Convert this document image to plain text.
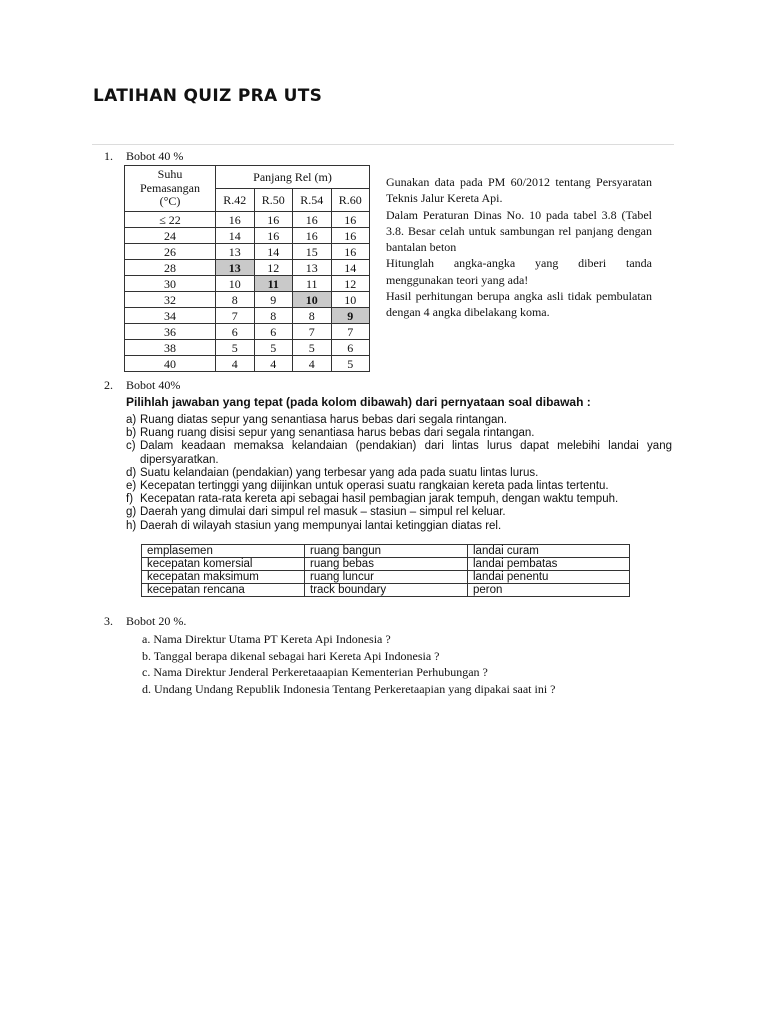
LATIHAN QUIZ PRA UTS
1. Bobot 40 %
Suhu
Pemasangan
(°C)	Panjang Rel (m)			
	R.42	R.50	R.54	R.60
≤ 22	16	16	16	16
24	14	16	16	16
26	13	14	15	16
28	13	12	13	14
30	10	11	11	12
32	8	9	10	10
34	7	8	8	9
36	6	6	7	7
38	5	5	5	6
40	4	4	4	5

Gunakan data pada PM 60/2012 tentang Persyaratan Teknis Jalur Kereta Api.

Dalam Peraturan Dinas No. 10 pada tabel 3.8 (Tabel 3.8. Besar celah untuk sambungan rel panjang dengan bantalan beton

Hitunglah angka-angka yang diberi tanda menggunakan teori yang ada!

Hasil perhitungan berupa angka asli tidak pembulatan dengan 4 angka dibelakang koma.

2. Bobot 40%
Pilihlah jawaban yang tepat (pada kolom dibawah) dari pernyataan soal dibawah :
a) Ruang diatas sepur yang senantiasa harus bebas dari segala rintangan.
b) Ruang ruang disisi sepur yang senantiasa harus bebas dari segala rintangan.
c) Dalam keadaan memaksa kelandaian (pendakian) dari lintas lurus dapat melebihi landai yang dipersyaratkan.
d) Suatu kelandaian (pendakian) yang terbesar yang ada pada suatu lintas lurus.
e) Kecepatan tertinggi yang diijinkan untuk operasi suatu rangkaian kereta pada lintas tertentu.
f) Kecepatan rata-rata kereta api sebagai hasil pembagian jarak tempuh, dengan waktu tempuh.
g) Daerah yang dimulai dari simpul rel masuk – stasiun – simpul rel keluar.
h) Daerah di wilayah stasiun yang mempunyai lantai ketinggian diatas rel.
emplasemen	ruang bangun	landai curam
kecepatan komersial	ruang bebas	landai pembatas
kecepatan maksimum	ruang luncur	landai penentu
kecepatan rencana	track boundary	peron
3. Bobot 20 %.
a. Nama Direktur Utama PT Kereta Api Indonesia ?
b. Tanggal berapa dikenal sebagai hari Kereta Api Indonesia ?
c. Nama Direktur Jenderal Perkeretaaapian Kementerian Perhubungan ?
d. Undang Undang Republik Indonesia Tentang Perkeretaapian yang dipakai saat ini ?
